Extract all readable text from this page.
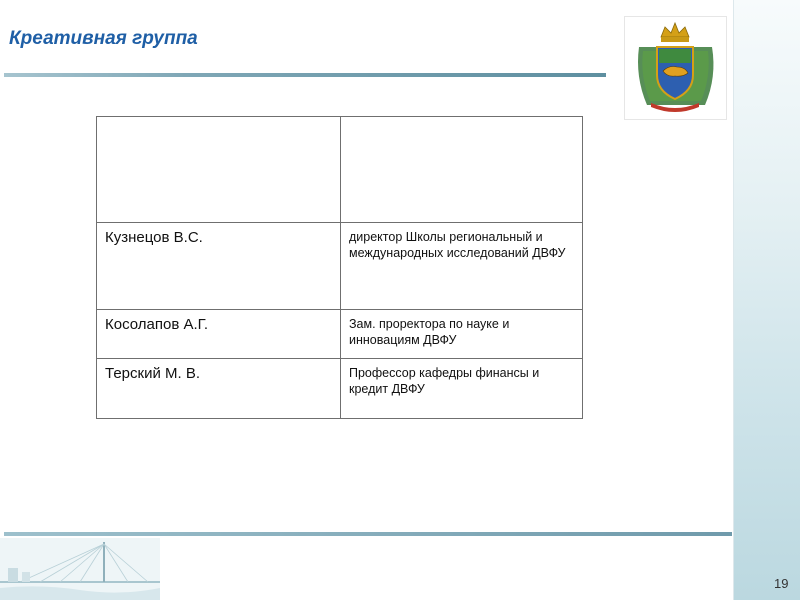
Креативная группа

Кузнецов В.С.	директор Школы региональный и международных исследований ДВФУ
Косолапов А.Г.	Зам. проректора по науке и инновациям ДВФУ
Терский М. В.	Профессор кафедры финансы и кредит ДВФУ
19
